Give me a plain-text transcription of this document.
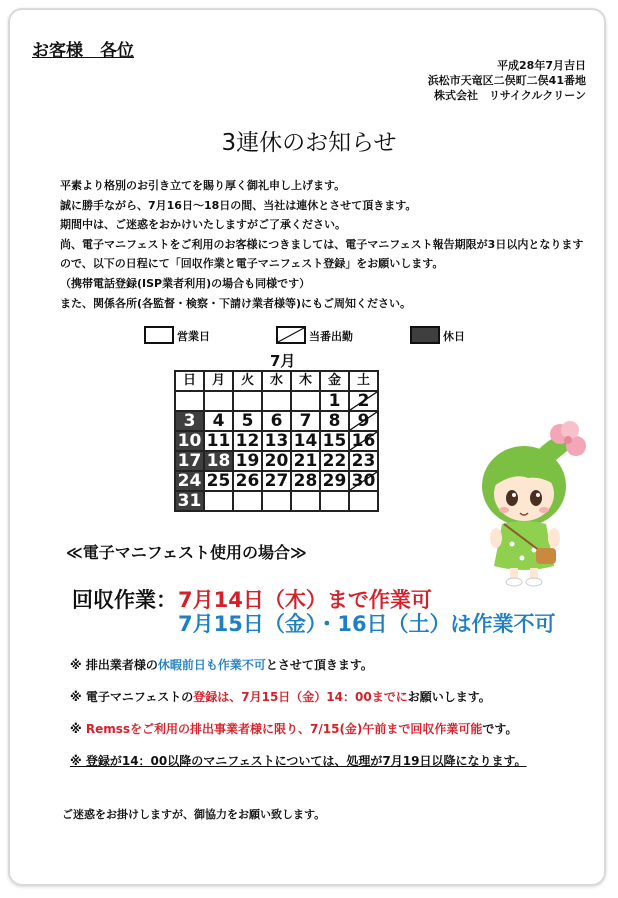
お客様　各位
平成28年7月吉日
浜松市天竜区二俣町二俣41番地
株式会社　リサイクルクリーン
3連休のお知らせ
平素より格別のお引き立てを賜り厚く御礼申し上げます。
誠に勝手ながら、7月16日～18日の間、当社は連休とさせて頂きます。
期間中は、ご迷惑をおかけいたしますがご了承ください。
尚、電子マニフェストをご利用のお客様につきましては、電子マニフェスト報告期限が3日以内となります
ので、以下の日程にて「回収作業と電子マニフェスト登録」をお願いします。
（携帯電話登録(ISP業者利用)の場合も同様です）
また、関係各所(各監督・検察・下請け業者様等)にもご周知ください。
営業日	当番出勤	休日
7月
日	月	火	水	木	金	土
					1	2

3	4	5	6	7	8	9

10	11	12	13	14	15	16

17	18	19	20	21	22	23
24	25	26	27	28	29	30

31						
≪電子マニフェスト使用の場合≫
回収作業： 7月14日（木）まで作業可
7月15日（金）・16日（土）は作業不可
※ 排出業者様の休暇前日も作業不可とさせて頂きます。
※ 電子マニフェストの登録は、7月15日（金）14：00までにお願いします。
※ Remssをご利用の排出事業者様に限り、7/15(金)午前まで回収作業可能です。
※ 登録が14：00以降のマニフェストについては、処理が7月19日以降になります。
ご迷惑をお掛けしますが、御協力をお願い致します。
